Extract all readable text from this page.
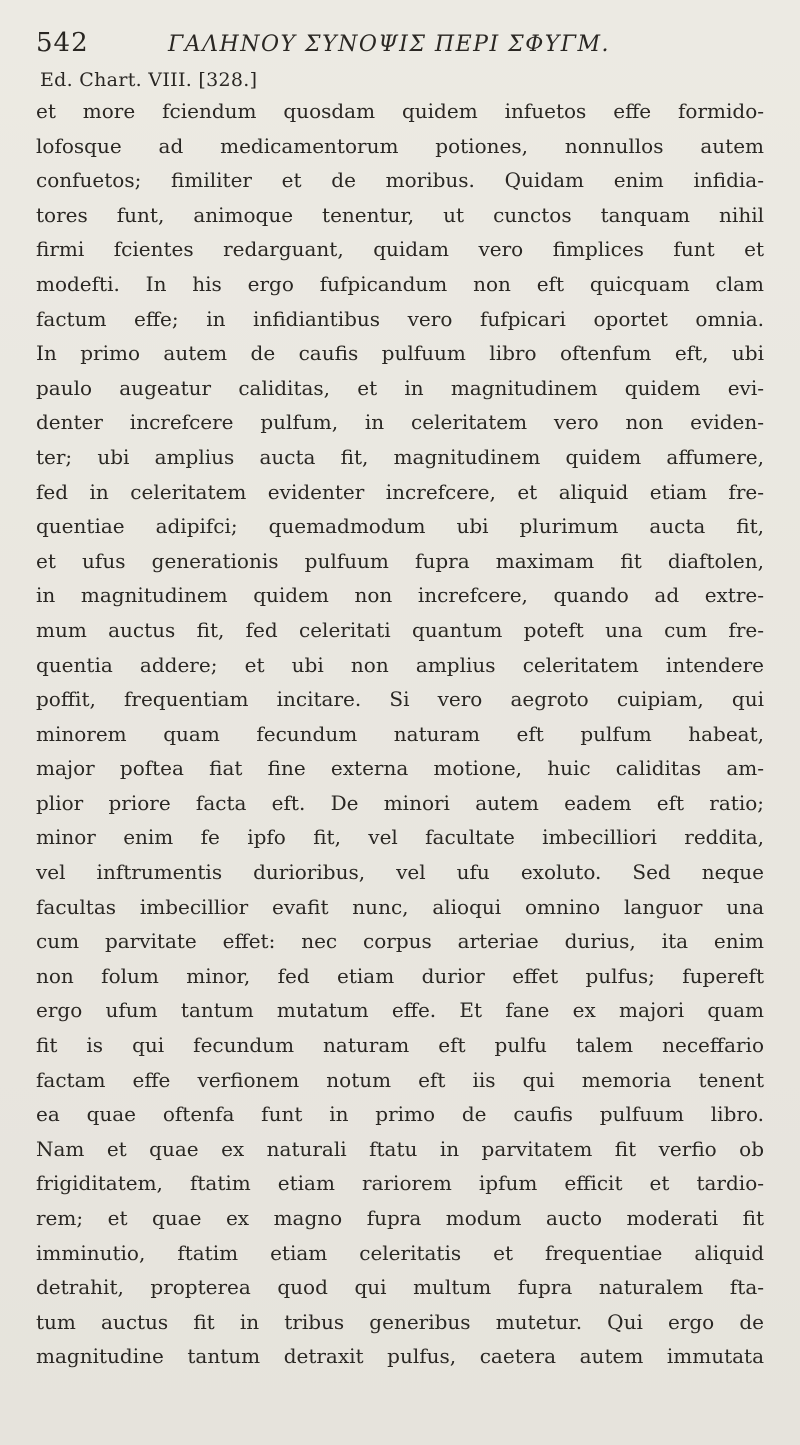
542	ΓΑΛΗΝΟΥ ΣΥΝΟΨΙΣ ΠΕΡΙ ΣΦΥΓΜ.
Ed. Chart. VIII. [328.]
et more fciendum quosdam quidem infuetos effe formido-
lofosque ad medicamentorum potiones, nonnullos autem
confuetos; fimiliter et de moribus. Quidam enim infidia-
tores funt, animoque tenentur, ut cunctos tanquam nihil
firmi fcientes redarguant, quidam vero fimplices funt et
modefti. In his ergo fufpicandum non eft quicquam clam
factum effe; in infidiantibus vero fufpicari oportet omnia.
In primo autem de caufis pulfuum libro oftenfum eft, ubi
paulo augeatur caliditas, et in magnitudinem quidem evi-
denter increfcere pulfum, in celeritatem vero non eviden-
ter; ubi amplius aucta fit, magnitudinem quidem affumere,
fed in celeritatem evidenter increfcere, et aliquid etiam fre-
quentiae adipifci; quemadmodum ubi plurimum aucta fit,
et ufus generationis pulfuum fupra maximam fit diaftolen,
in magnitudinem quidem non increfcere, quando ad extre-
mum auctus fit, fed celeritati quantum poteft una cum fre-
quentia addere; et ubi non amplius celeritatem intendere
poffit, frequentiam incitare. Si vero aegroto cuipiam, qui
minorem quam fecundum naturam eft pulfum habeat,
major poftea fiat fine externa motione, huic caliditas am-
plior priore facta eft. De minori autem eadem eft ratio;
minor enim fe ipfo fit, vel facultate imbecilliori reddita,
vel inftrumentis durioribus, vel ufu exoluto. Sed neque
facultas imbecillior evafit nunc, alioqui omnino languor una
cum parvitate effet: nec corpus arteriae durius, ita enim
non folum minor, fed etiam durior effet pulfus; fupereft
ergo ufum tantum mutatum effe. Et fane ex majori quam
fit is qui fecundum naturam eft pulfu talem neceffario
factam effe verfionem notum eft iis qui memoria tenent
ea quae oftenfa funt in primo de caufis pulfuum libro.
Nam et quae ex naturali ftatu in parvitatem fit verfio ob
frigiditatem, ftatim etiam rariorem ipfum efficit et tardio-
rem; et quae ex magno fupra modum aucto moderati fit
imminutio, ftatim etiam celeritatis et frequentiae aliquid
detrahit, propterea quod qui multum fupra naturalem fta-
tum auctus fit in tribus generibus mutetur. Qui ergo de
magnitudine tantum detraxit pulfus, caetera autem immutata
